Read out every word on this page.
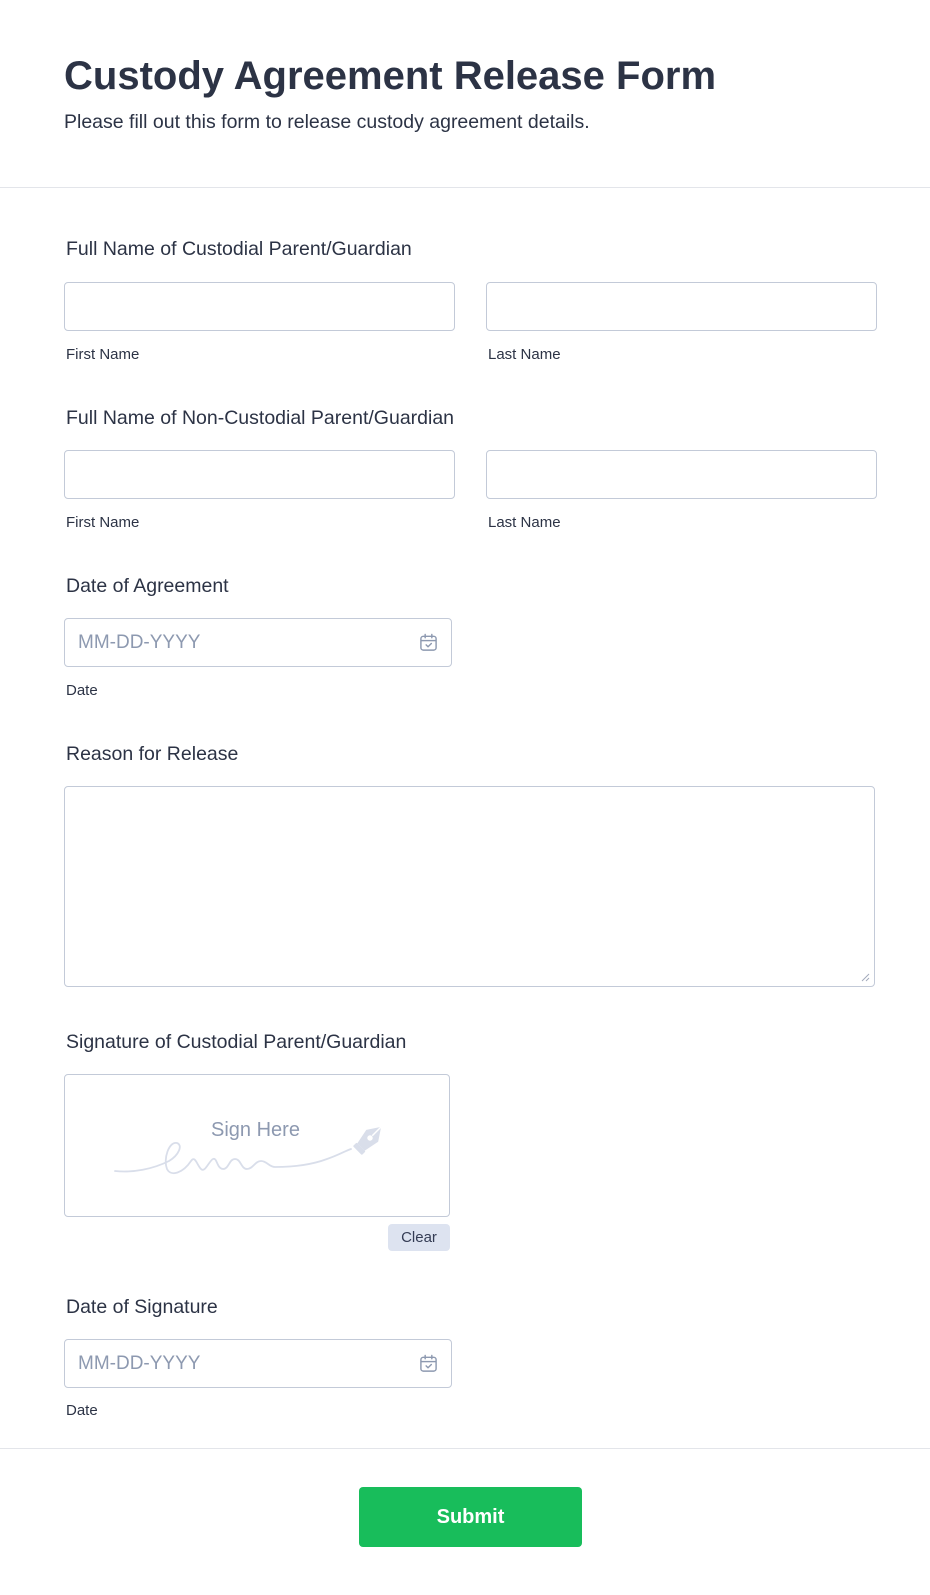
Custody Agreement Release Form

Please fill out this form to release custody agreement details.

Full Name of Custodial Parent/Guardian
First Name	Last Name
Full Name of Non-Custodial Parent/Guardian
First Name	Last Name
Date of Agreement
MM-DD-YYYY
Date
Reason for Release
Signature of Custodial Parent/Guardian
Sign Here
Clear
Date of Signature
MM-DD-YYYY
Date
Submit
